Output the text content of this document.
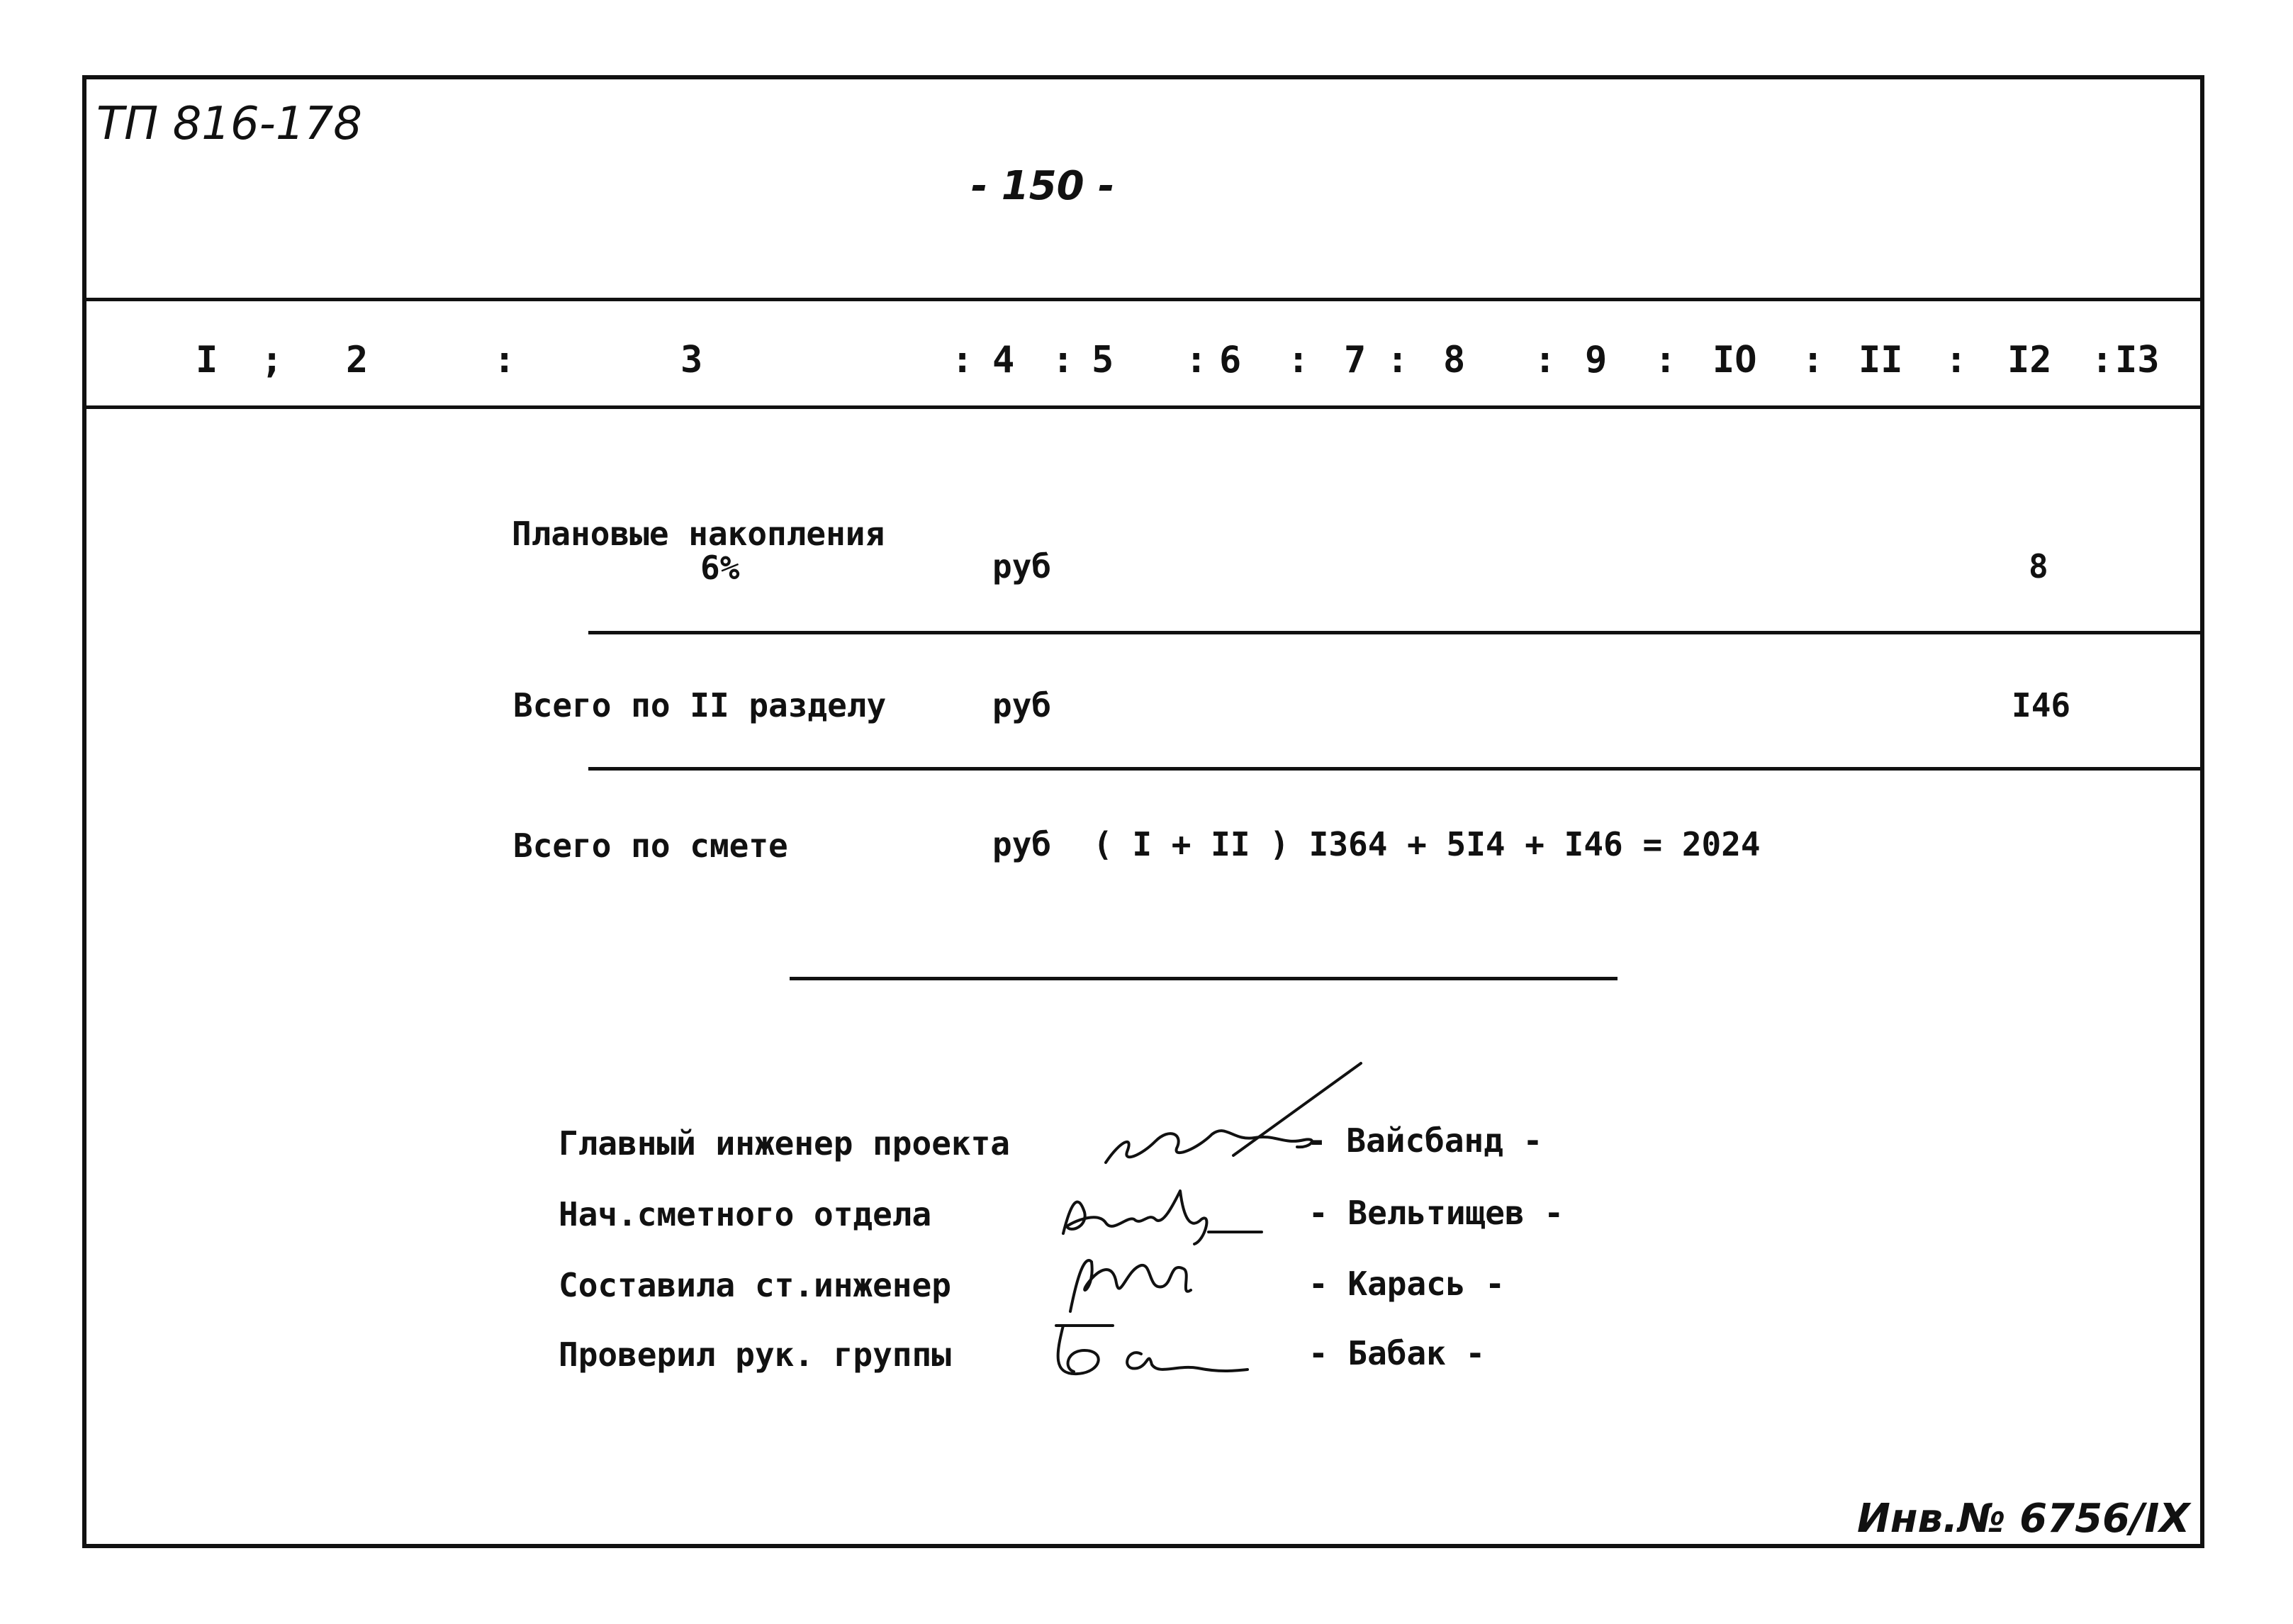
ТП 816-178
- 150 -
I ; 2	:	3	: 4 : 5 : 6 : 7 : 8 : 9 : IO : II : I2 : I3
Плановые накопления
6%	руб	8
Всего по II разделу	руб	I46
Всего по смете	руб ( I + II ) I364 + 5I4 + I46 = 2024
Главный инженер проекта	- Вайсбанд -
Нач.сметного отдела	- Вельтищев -
Составила ст.инженер	- Карась -
Проверил рук. группы	- Бабак -
Инв.№ 6756/IX
